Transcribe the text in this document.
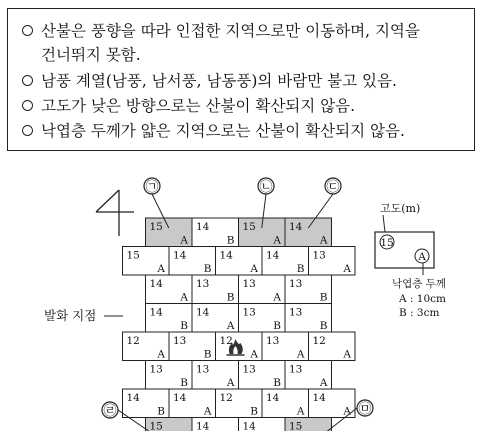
산불은 풍향을 따라 인접한 지역으로만 이동하며, 지역을
건너뛰지 못함.
남풍 계열(남풍, 남서풍, 남동풍)의 바람만 불고 있음.
고도가 낮은 방향으로는 산불이 확산되지 않음.
낙엽층 두께가 얇은 지역으로는 산불이 확산되지 않음.
15
A
14
B
15
A
14
A
15
A
14
B
14
A
14
B
13
A
14
A
13
B
13
A
13
B
14
B
14
A
13
B
13
B
12
A
13
B
12
A
13
A
12
A
13
B
13
A
13
B
13
A
14
B
14
A
12
B
14
A
14
A
15	14	14	15
㉠	㉡	㉢
㉣	㉤
발화 지점
고도(m)
15
A
낙엽층 두께
A : 10cm
B : 3cm
